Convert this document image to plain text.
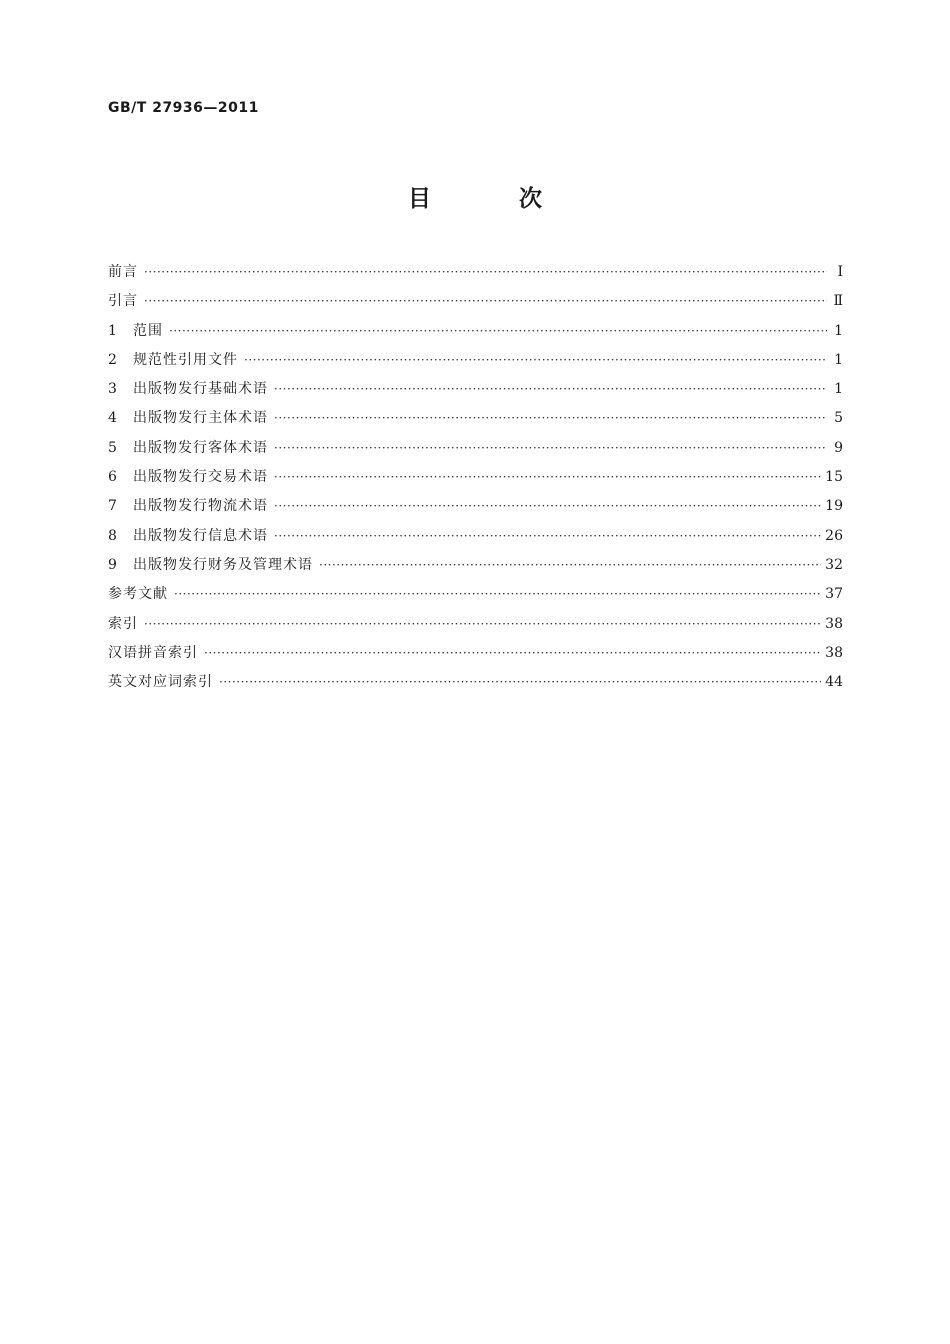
GB/T 27936—2011
目 次
前言 ·····	Ⅰ
引言 ·····	Ⅱ
1	范围 ·····	1
2	规范性引用文件 ·····	1
3	出版物发行基础术语 ·····	1
4	出版物发行主体术语 ·····	5
5	出版物发行客体术语 ·····	9
6	出版物发行交易术语 ·····	15
7	出版物发行物流术语 ·····	19
8	出版物发行信息术语 ·····	26
9	出版物发行财务及管理术语 ·····	32
参考文献 ·····	37
索引 ·····	38
汉语拼音索引 ·····	38
英文对应词索引 ·····	44
